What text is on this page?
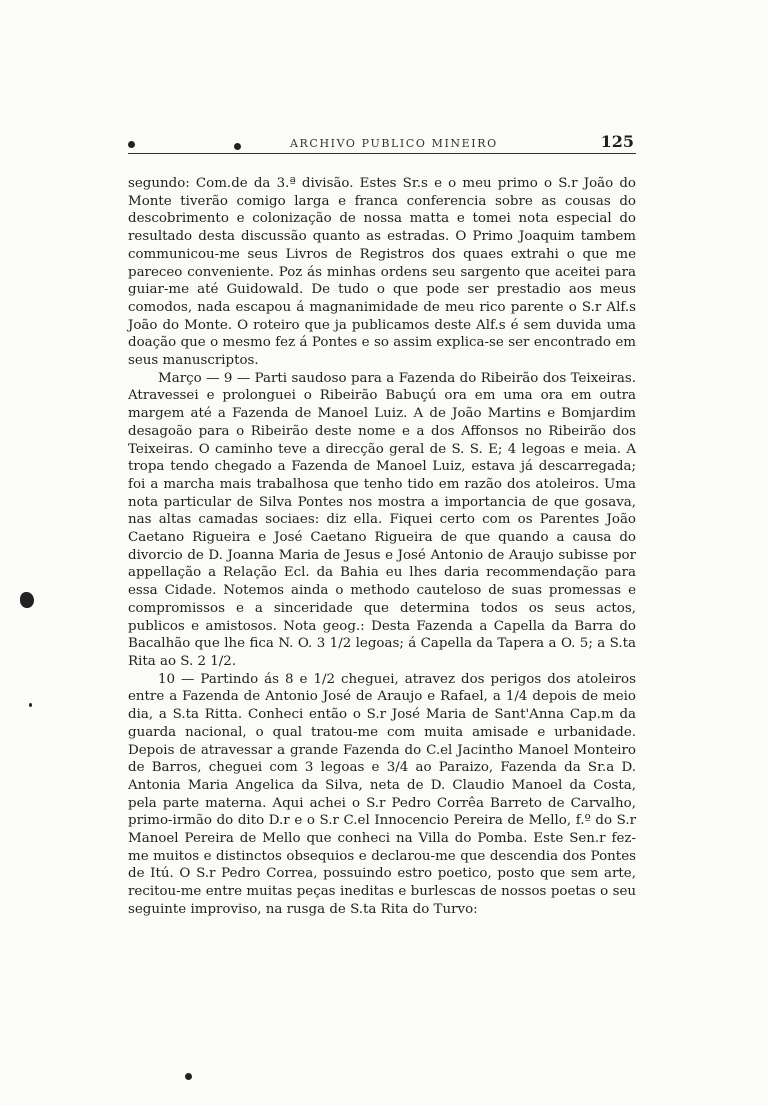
ARCHIVO PUBLICO MINEIRO	125

segundo: Com.de da 3.ª divisão. Estes Sr.s e o meu primo o S.r João do Monte tiverão comigo larga e franca conferencia sobre as cousas do descobrimento e colonização de nossa matta e tomei nota especial do resultado desta discussão quanto as estradas. O Primo Joaquim tambem communicou-me seus Livros de Registros dos quaes extrahi o que me pareceo conveniente. Poz ás minhas ordens seu sargento que aceitei para guiar-me até Guidowald. De tudo o que pode ser prestadio aos meus comodos, nada escapou á magnanimidade de meu rico parente o S.r Alf.s João do Monte. O roteiro que ja publicamos deste Alf.s é sem duvida uma doação que o mesmo fez á Pontes e so assim explica-se ser encontrado em seus manuscriptos.

Março — 9 — Parti saudoso para a Fazenda do Ribeirão dos Teixeiras. Atravessei e prolonguei o Ribeirão Babuçú ora em uma ora em outra margem até a Fazenda de Manoel Luiz. A de João Martins e Bomjardim desagoão para o Ribeirão deste nome e a dos Affonsos no Ribeirão dos Teixeiras. O caminho teve a direcção geral de S. S. E; 4 legoas e meia. A tropa tendo chegado a Fazenda de Manoel Luiz, estava já descarregada; foi a marcha mais trabalhosa que tenho tido em razão dos atoleiros. Uma nota particular de Silva Pontes nos mostra a importancia de que gosava, nas altas camadas sociaes: diz ella. Fiquei certo com os Parentes João Caetano Rigueira e José Caetano Rigueira de que quando a causa do divorcio de D. Joanna Maria de Jesus e José Antonio de Araujo subisse por appellação a Relação Ecl. da Bahia eu lhes daria recommendação para essa Cidade. Notemos ainda o methodo cauteloso de suas promessas e compromissos e a sinceridade que determina todos os seus actos, publicos e amistosos. Nota geog.: Desta Fazenda a Capella da Barra do Bacalhão que lhe fica N. O. 3 1/2 legoas; á Capella da Tapera a O. 5; a S.ta Rita ao S. 2 1/2.

10 — Partindo ás 8 e 1/2 cheguei, atravez dos perigos dos atoleiros entre a Fazenda de Antonio José de Araujo e Rafael, a 1/4 depois de meio dia, a S.ta Ritta. Conheci então o S.r José Maria de Sant'Anna Cap.m da guarda nacional, o qual tratou-me com muita amisade e urbanidade. Depois de atravessar a grande Fazenda do C.el Jacintho Manoel Monteiro de Barros, cheguei com 3 legoas e 3/4 ao Paraizo, Fazenda da Sr.a D. Antonia Maria Angelica da Silva, neta de D. Claudio Manoel da Costa, pela parte materna. Aqui achei o S.r Pedro Corrêa Barreto de Carvalho, primo-irmão do dito D.r e o S.r C.el Innocencio Pereira de Mello, f.º do S.r Manoel Pereira de Mello que conheci na Villa do Pomba. Este Sen.r fez-me muitos e distinctos obsequios e declarou-me que descendia dos Pontes de Itú. O S.r Pedro Correa, possuindo estro poetico, posto que sem arte, recitou-me entre muitas peças ineditas e burlescas de nossos poetas o seu seguinte improviso, na rusga de S.ta Rita do Turvo:
